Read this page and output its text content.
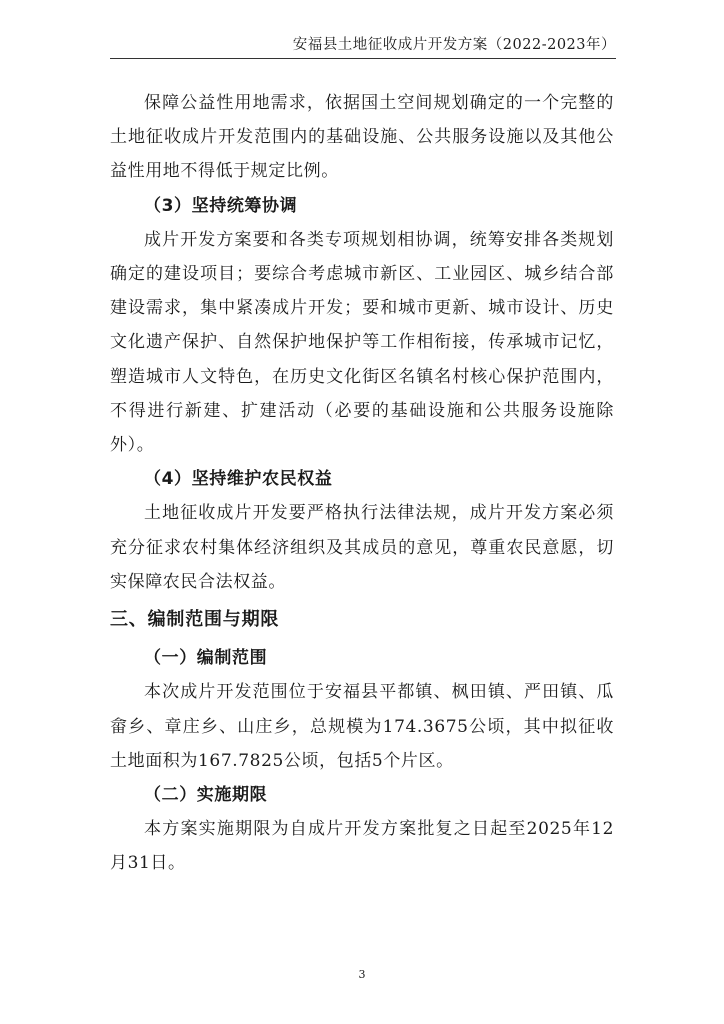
安福县土地征收成片开发方案（2022-2023年）

保障公益性用地需求，依据国土空间规划确定的一个完整的土地征收成片开发范围内的基础设施、公共服务设施以及其他公益性用地不得低于规定比例。

（3）坚持统筹协调

成片开发方案要和各类专项规划相协调，统筹安排各类规划确定的建设项目；要综合考虑城市新区、工业园区、城乡结合部建设需求，集中紧凑成片开发；要和城市更新、城市设计、历史文化遗产保护、自然保护地保护等工作相衔接，传承城市记忆，塑造城市人文特色，在历史文化街区名镇名村核心保护范围内，不得进行新建、扩建活动（必要的基础设施和公共服务设施除外）。

（4）坚持维护农民权益

土地征收成片开发要严格执行法律法规，成片开发方案必须充分征求农村集体经济组织及其成员的意见，尊重农民意愿，切实保障农民合法权益。

三、编制范围与期限

（一）编制范围

本次成片开发范围位于安福县平都镇、枫田镇、严田镇、瓜畲乡、章庄乡、山庄乡，总规模为174.3675公顷，其中拟征收土地面积为167.7825公顷，包括5个片区。

（二）实施期限

本方案实施期限为自成片开发方案批复之日起至2025年12月31日。

3
